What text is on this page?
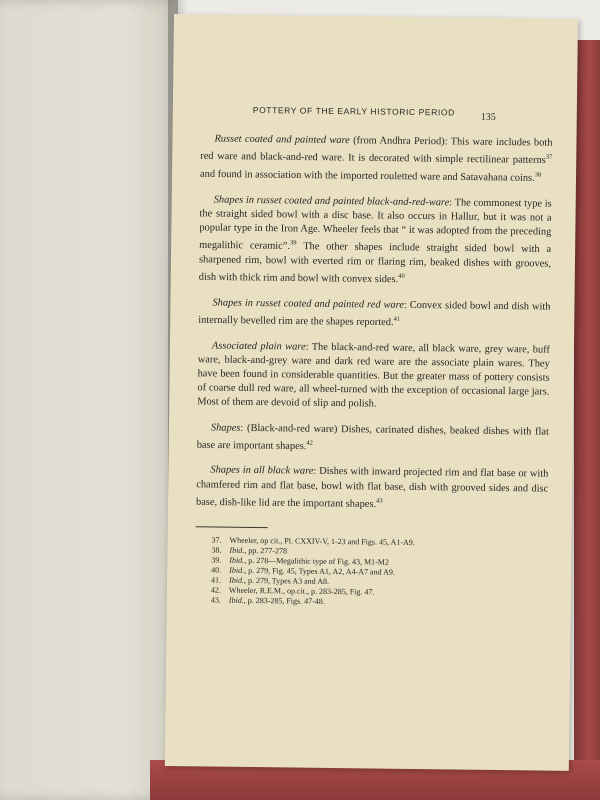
POTTERY OF THE EARLY HISTORIC PERIOD	135

Russet coated and painted ware (from Andhra Period): This ware includes both red ware and black-and-red ware. It is decorated with simple rectilinear patterns$^{37}$ and found in association with the imported rouletted ware and Satavahana coins.$^{38}$

Shapes in russet coated and painted black-and-red-ware: The commonest type is the straight sided bowl with a disc base. It also occurs in Hallur, but it was not a popular type in the Iron Age. Wheeler feels that “ it was adopted from the preceding megalithic ceramic”.$^{39}$ The other shapes include straight sided bowl with a sharpened rim, bowl with everted rim or flaring rim, beaked dishes with grooves, dish with thick rim and bowl with convex sides.$^{40}$

Shapes in russet coated and painted red ware: Convex sided bowl and dish with internally bevelled rim are the shapes reported.$^{41}$

Associated plain ware: The black-and-red ware, all black ware, grey ware, buff ware, black-and-grey ware and dark red ware are the associate plain wares. They have been found in considerable quantities. But the greater mass of pottery consists of coarse dull red ware, all wheel-turned with the exception of occasional large jars. Most of them are devoid of slip and polish.

Shapes: (Black-and-red ware) Dishes, carinated dishes, beaked dishes with flat base are important shapes.$^{42}$

Shapes in all black ware: Dishes with inward projected rim and flat base or with chamfered rim and flat base, bowl with flat base, dish with grooved sides and disc base, dish-like lid are the important shapes.$^{43}$

37. Wheeler, op cit., Pl. CXXIV-V, 1-23 and Figs. 45, A1-A9.
38. Ibid., pp. 277-278
39. Ibid., p. 278—Megalithic type of Fig. 43, M1-M2
40. Ibid., p. 279, Fig. 45, Types A1, A2, A4-A7 and A9.
41. Ibid., p. 279, Types A3 and A8.
42. Wheeler, R.E.M., op.cit., p. 283-285, Fig. 47.
43. Ibid., p. 283-285, Figs. 47-48.
